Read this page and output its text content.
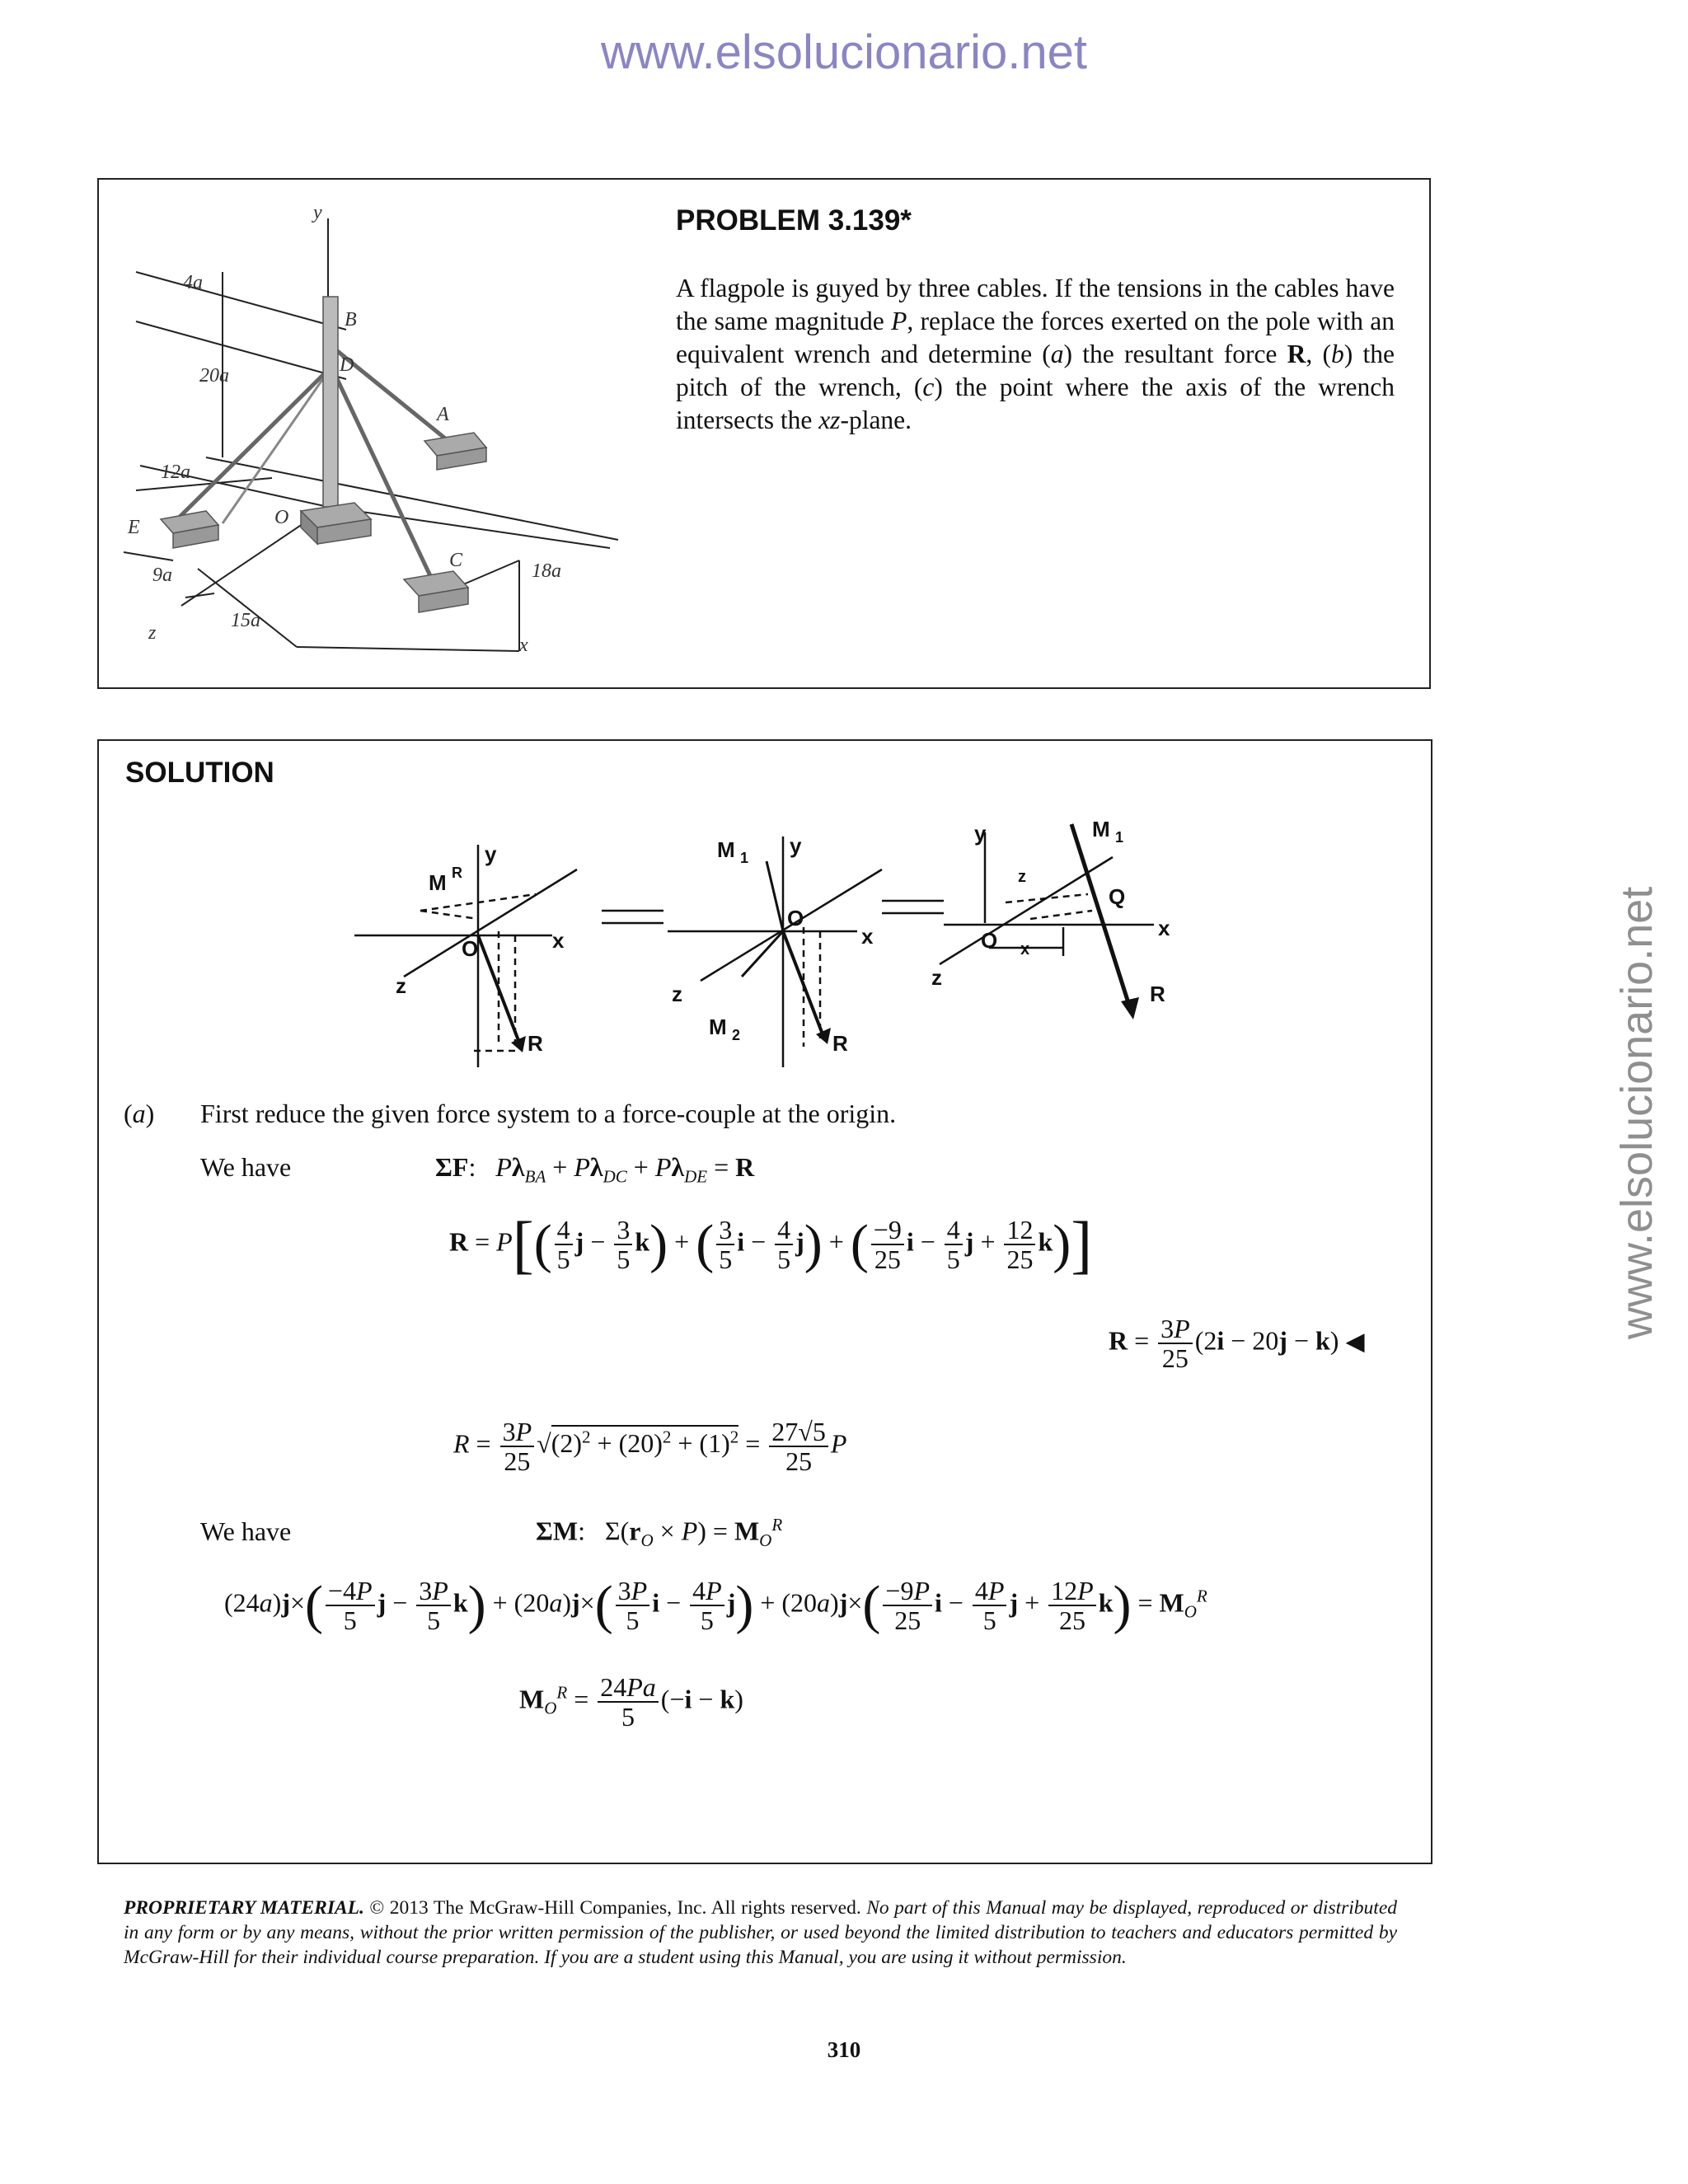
www.elsolucionario.net
www.elsolucionario.net
y
B
D
A
O
C
E
z
x
4a
20a
12a
9a
15a
18a
PROBLEM 3.139*
A flagpole is guyed by three cables. If the tensions in the cables have the same magnitude P, replace the forces exerted on the pole with an equivalent wrench and determine (a) the resultant force R, (b) the pitch of the wrench, (c) the point where the axis of the wrench intersects the xz-plane.
SOLUTION
y
x
z
O
R
M R
y
x
z
O
R
M 1
M 2
y
x
z
O
Q
R
M 1
z
x
(a) First reduce the given force system to a force-couple at the origin.
We have	ΣF:   $P\lambda_{BA} + P\lambda_{DC} + P\lambda_{DE} = R$
$R = P[( \frac{4}{5}$ $j - \frac{3}{5} k$) + ( $\frac{3}{5}$ $i - \frac{4}{5} j$) + ( $\frac{-9}{25}$ $i - \frac{4}{5}$ $j + \frac{12}{25} k$)]
$R = \frac{3P}{25} (2i - 20j - k)$ ◀
$R = \frac{3P}{25} √(2)^2 + (20)^2 + (1)^2 = \frac{27√5}{25}$ P
We have	ΣM:   $\Sigma(r_O \times P) = M_O^R$
$(24a)j\times( \frac{-4P}{5}$ $j - \frac{3P}{5} k) + (20a)j\times( \frac{3P}{5}$ $i - \frac{4P}{5} j) + (20a)j\times( \frac{-9P}{25}$ $i - \frac{4P}{5}$ $j + \frac{12P}{25} k) = M_O^R$
$M_O^R = \frac{24Pa}{5} (-i - k)$
PROPRIETARY MATERIAL. © 2013 The McGraw-Hill Companies, Inc. All rights reserved. No part of this Manual may be displayed, reproduced or distributed in any form or by any means, without the prior written permission of the publisher, or used beyond the limited distribution to teachers and educators permitted by McGraw-Hill for their individual course preparation. If you are a student using this Manual, you are using it without permission.
310
